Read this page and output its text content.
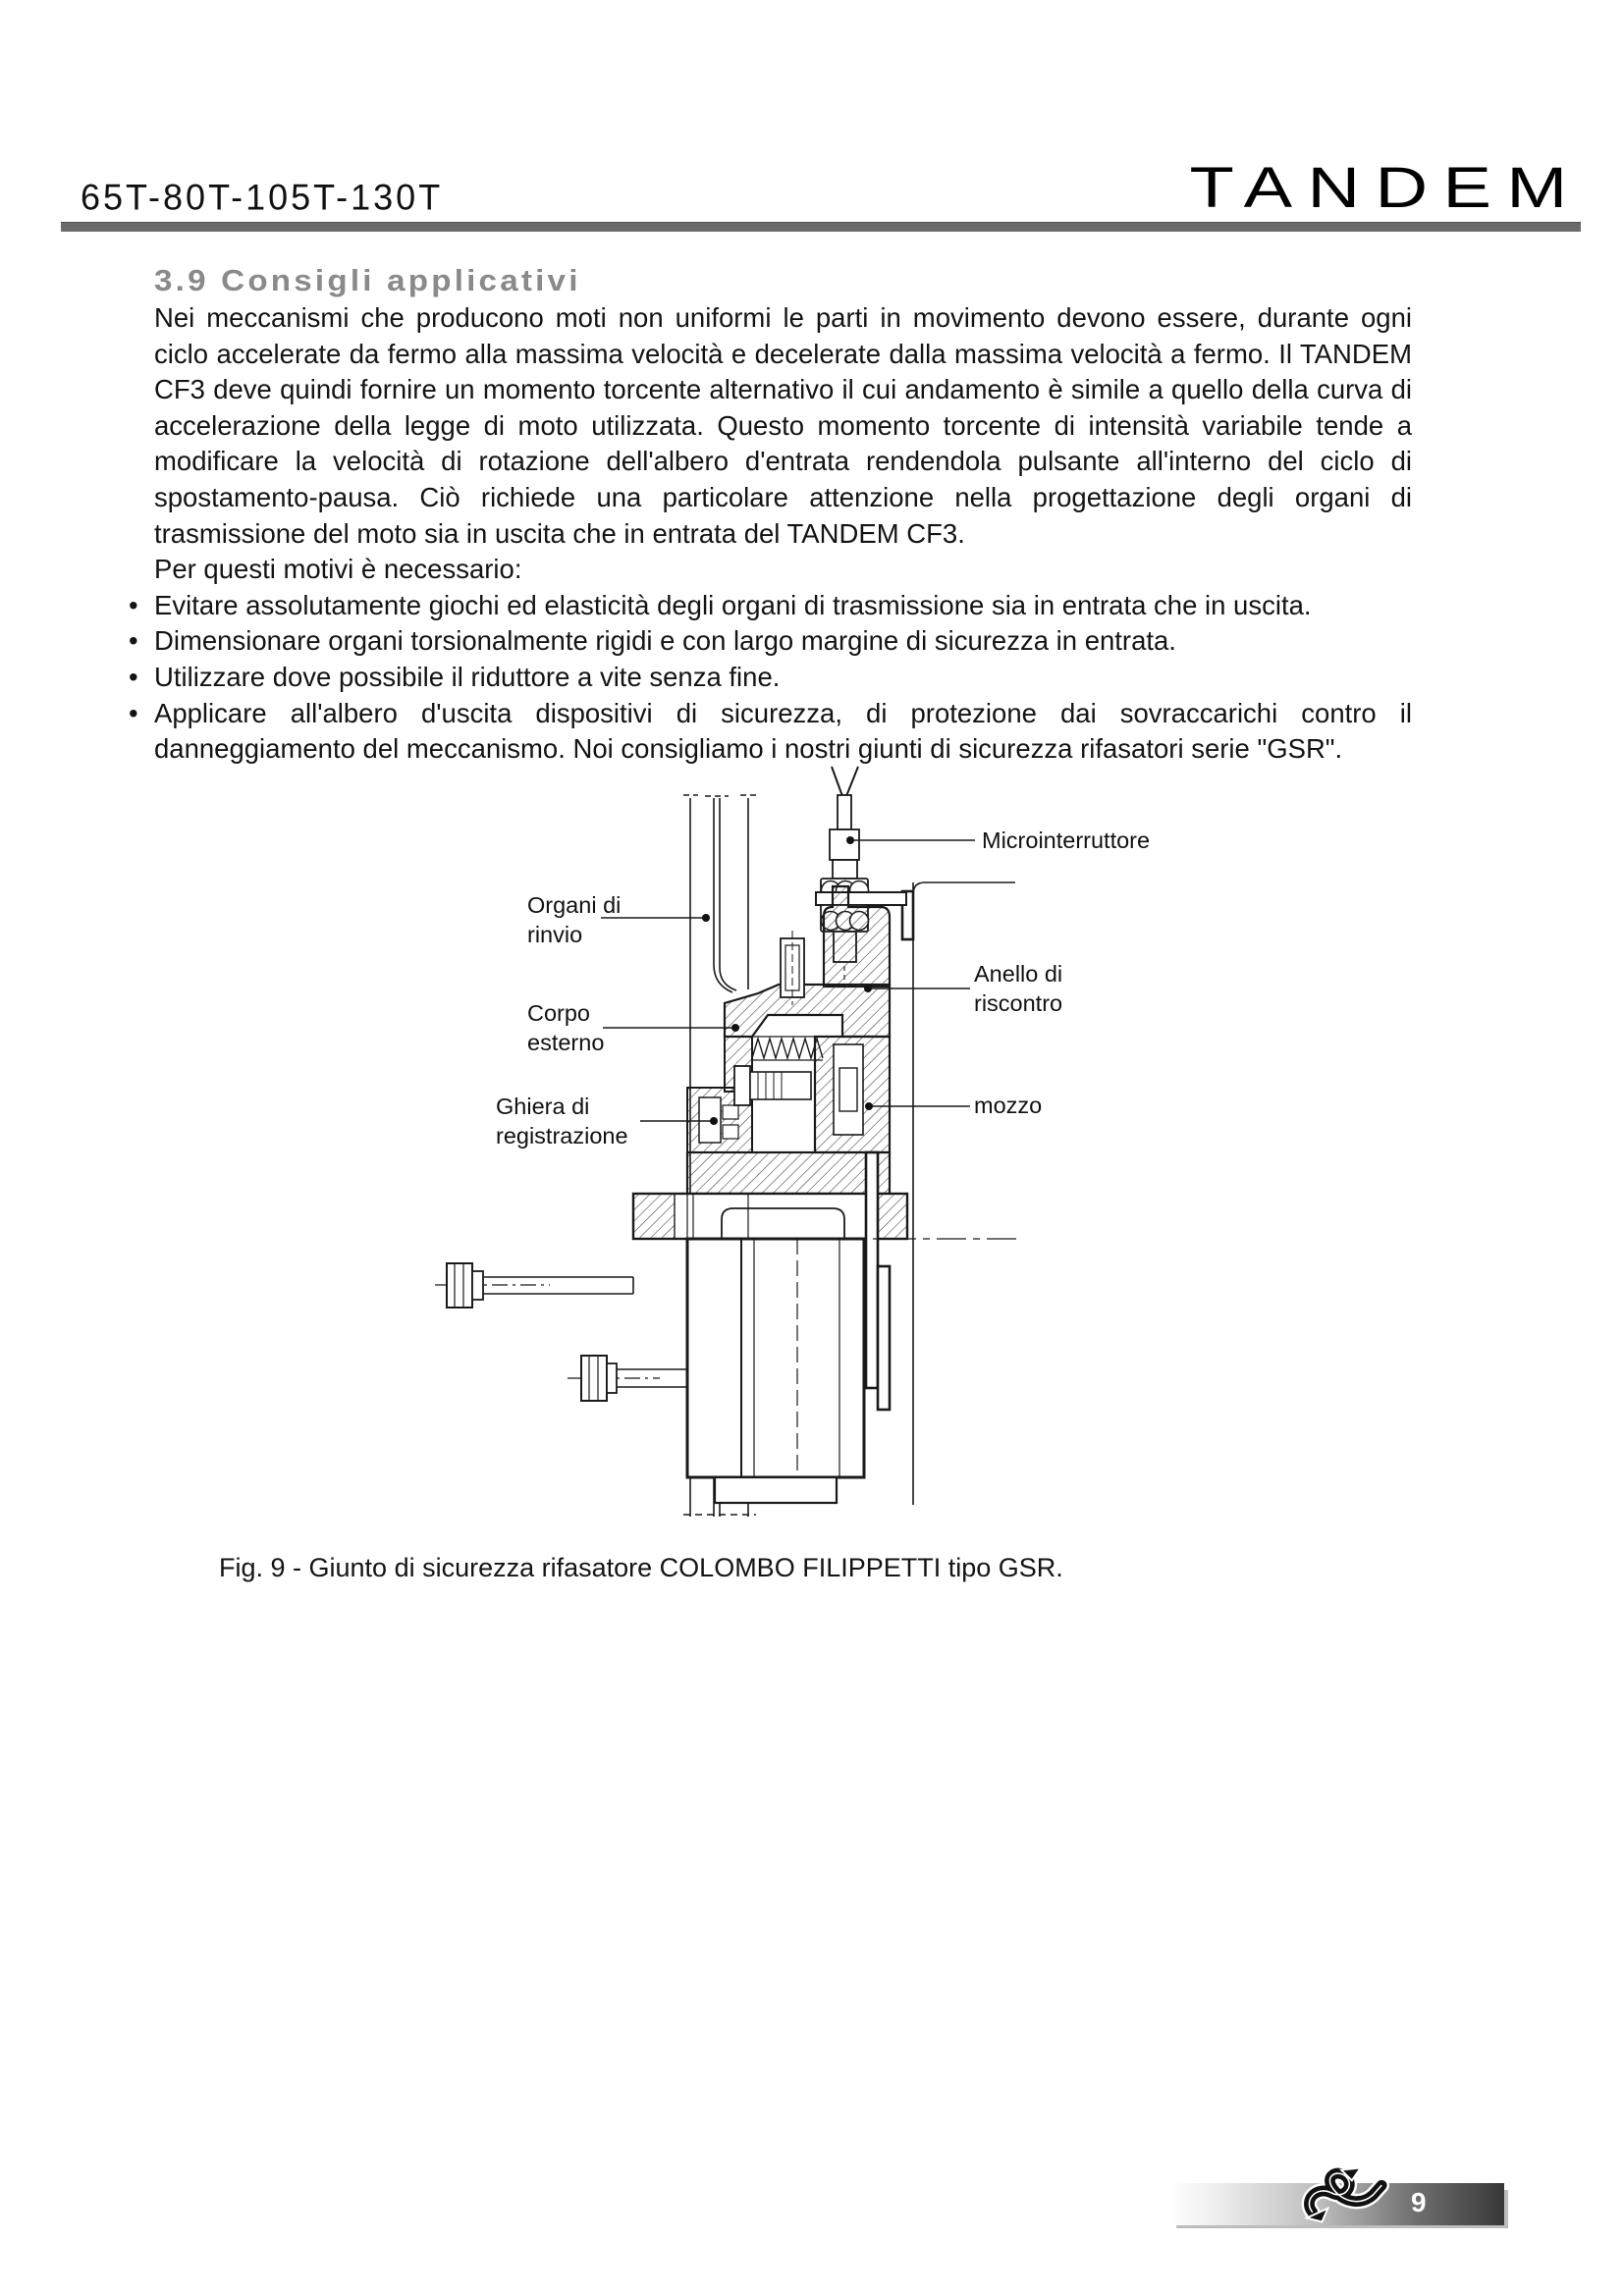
65T-80T-105T-130T	TANDEM
3.9 Consigli applicativi

Nei meccanismi che producono moti non uniformi le parti in movimento devono essere, durante ogni ciclo accelerate da fermo alla massima velocità e decelerate dalla massima velocità a fermo. Il TANDEM CF3 deve quindi fornire un momento torcente alternativo il cui andamento è simile a quello della curva di accelerazione della legge di moto utilizzata. Questo momento torcente di intensità variabile tende a modificare la velocità di rotazione dell'albero d'entrata rendendola pulsante all'interno del ciclo di spostamento-pausa. Ciò richiede una particolare attenzione nella progettazione degli organi di trasmissione del moto sia in uscita che in entrata del TANDEM CF3.

Per questi motivi è necessario:

• Evitare assolutamente giochi ed elasticità degli organi di trasmissione sia in entrata che in uscita.
• Dimensionare organi torsionalmente rigidi e con largo margine di sicurezza in entrata.
• Utilizzare dove possibile il riduttore a vite senza fine.
• Applicare all'albero d'uscita dispositivi di sicurezza, di protezione dai sovraccarichi contro il danneggiamento del meccanismo. Noi consigliamo i nostri giunti di sicurezza rifasatori serie "GSR".
Microinterruttore
Organi di
rinvio
Anello di
riscontro
Corpo
esterno
mozzo
Ghiera di
registrazione
Fig. 9 - Giunto di sicurezza rifasatore COLOMBO FILIPPETTI tipo GSR.
9
